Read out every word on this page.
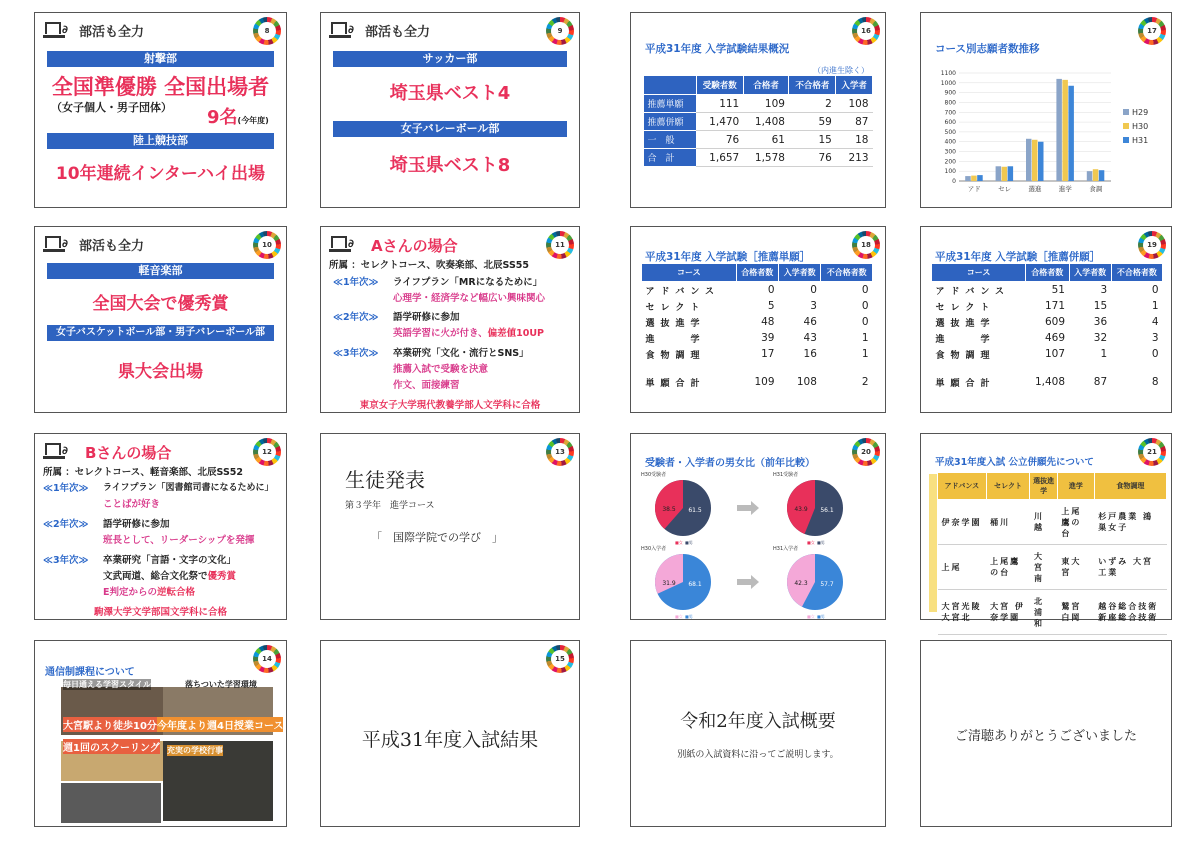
∂ 部活も全力	8
射撃部
全国準優勝 全国出場者
（女子個人・男子団体） 9名(今年度)
陸上競技部
10年連続インターハイ出場
∂ 部活も全力	9
サッカー部
埼玉県ベスト4
女子バレーボール部
埼玉県ベスト8
平成31年度 入学試験結果概況
16
（内進生除く）
	受験者数	合格者	不合格者	入学者
推薦単願	111	109	2	108
推薦併願	1,470	1,408	59	87
一　般	76	61	15	18
合　計	1,657	1,578	76	213
コース別志願者数推移
17
0
100
200
300
400
500
600
700
800
900
1000
1100
アド	セレ	選進	進学	食調
H29
H30
H31
∂ 部活も全力	10
軽音楽部
全国大会で優秀賞
女子バスケットボール部・男子バレーボール部
県大会出場
∂ Aさんの場合	11
所属 ：セレクトコース、吹奏楽部、北辰SS55
≪1年次≫ ライフプラン「MRになるために」
心理学・経済学など幅広い興味関心
≪2年次≫ 語学研修に参加
英語学習に火が付き、偏差値10UP
≪3年次≫ 卒業研究「文化・流行とSNS」
推薦入試で受験を決意
作文、面接練習
東京女子大学現代教養学部人文学科に合格
平成31年度 入学試験［推薦単願］
18
コース	合格者数	入学者数	不合格者数
アドバンス	0	0	0
セレクト	5	3	0
選抜進学	48	46	0
進　　学	39	43	1
食物調理	17	16	1

単願合計	109	108	2
平成31年度 入学試験［推薦併願］
19
コース	合格者数	入学者数	不合格者数
アドバンス	51	3	0
セレクト	171	15	1
選抜進学	609	36	4
進　　学	469	32	3
食物調理	107	1	0

単願合計	1,408	87	8
∂ Bさんの場合	12
所属 ：セレクトコース、軽音楽部、北辰SS52
≪1年次≫ ライフプラン「図書館司書になるために」
ことばが好き
≪2年次≫ 語学研修に参加
班長として、リーダーシップを発揮
≪3年次≫ 卒業研究「言語・文字の文化」
文武両道、総合文化祭で優秀賞
E判定からの逆転合格
駒澤大学文学部国文学科に合格
13
生徒発表
第３学年　進学コース
「　国際学院での学び　」
受験者・入学者の男女比（前年比較）
20
H30受験者
38.5 61.5
■女 ■男
H31受験者
43.9 56.1
■女 ■男
H30入学者
31.9 68.1
■女 ■男
H31入学者
42.3 57.7
■女 ■男
平成31年度入試 公立併願先について
21
アドバンス	セレクト	選抜進学	進学	食物調理
伊奈学園	桶川	川越	上尾鷹の台	杉戸農業 鴻巣女子
上尾	上尾鷹の台	大宮南	東大宮	いずみ 大宮工業
大宮光陵 大宮北	大宮 伊奈学園	北浦和	鷲宮 白岡	越谷総合技術 新座総合技術
通信制課程について
14
毎日通える学習スタイル	落ちついた学習環境
大宮駅より徒歩10分 今年度より週4日授業コース
週1回のスクーリング 充実の学校行事
15
平成31年度入試結果
令和2年度入試概要
別紙の入試資料に沿ってご説明します。
ご清聴ありがとうございました
